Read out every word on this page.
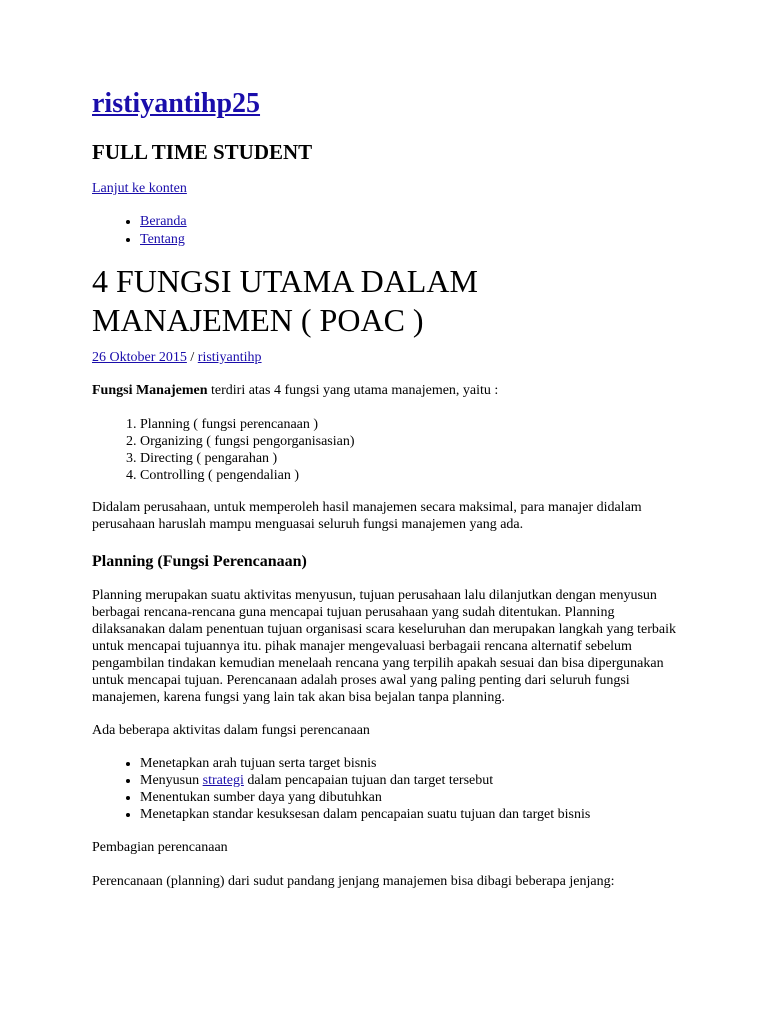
ristiyantihp25
FULL TIME STUDENT
Lanjut ke konten
• Beranda
• Tentang
4 FUNGSI UTAMA DALAM MANAJEMEN ( POAC )
26 Oktober 2015 / ristiyantihp

Fungsi Manajemen terdiri atas 4 fungsi yang utama manajemen, yaitu :

1. Planning ( fungsi perencanaan )
2. Organizing ( fungsi pengorganisasian)
3. Directing ( pengarahan )
4. Controlling ( pengendalian )

Didalam perusahaan, untuk memperoleh hasil manajemen secara maksimal, para manajer didalam perusahaan haruslah mampu menguasai seluruh fungsi manajemen yang ada.

Planning (Fungsi Perencanaan)

Planning merupakan suatu aktivitas menyusun, tujuan perusahaan lalu dilanjutkan dengan menyusun berbagai rencana-rencana guna mencapai tujuan perusahaan yang sudah ditentukan. Planning dilaksanakan dalam penentuan tujuan organisasi scara keseluruhan dan merupakan langkah yang terbaik untuk mencapai tujuannya itu. pihak manajer mengevaluasi berbagaii rencana alternatif sebelum pengambilan tindakan kemudian menelaah rencana yang terpilih apakah sesuai dan bisa dipergunakan untuk mencapai tujuan. Perencanaan adalah proses awal yang paling penting dari seluruh fungsi manajemen, karena fungsi yang lain tak akan bisa bejalan tanpa planning.

Ada beberapa aktivitas dalam fungsi perencanaan

• Menetapkan arah tujuan serta target bisnis
• Menyusun strategi dalam pencapaian tujuan dan target tersebut
• Menentukan sumber daya yang dibutuhkan
• Menetapkan standar kesuksesan dalam pencapaian suatu tujuan dan target bisnis

Pembagian perencanaan

Perencanaan (planning) dari sudut pandang jenjang manajemen bisa dibagi beberapa jenjang:
